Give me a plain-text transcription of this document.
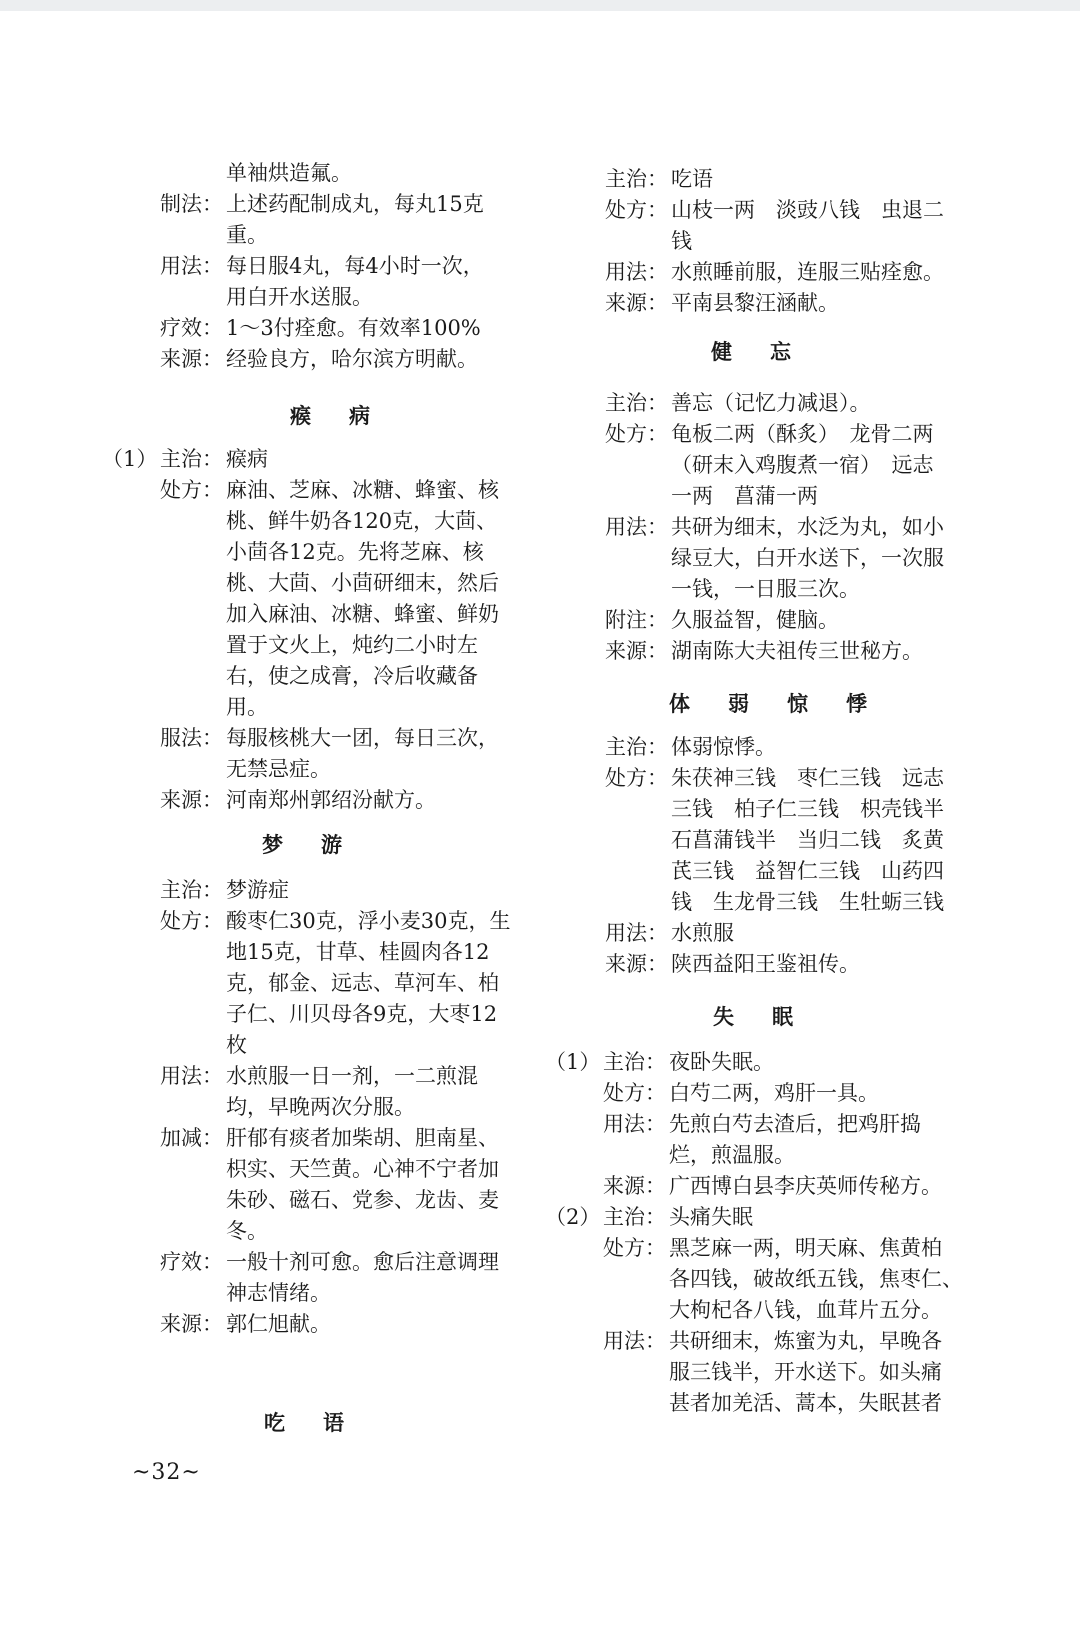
单袖烘造氟。
制法： 上述药配制成丸，每丸15克
重。
用法： 每日服4丸，每4小时一次，
用白开水送服。
疗效： 1～3付痊愈。有效率100%
来源： 经验良方，哈尔滨方明献。
瘊病
（1） 主治： 瘊病
处方： 麻油、芝麻、冰糖、蜂蜜、核
桃、鲜牛奶各120克，大茴、
小茴各12克。先将芝麻、核
桃、大茴、小茴研细末，然后
加入麻油、冰糖、蜂蜜、鲜奶
置于文火上，炖约二小时左
右，使之成膏，冷后收藏备
用。
服法： 每服核桃大一团，每日三次，
无禁忌症。
来源： 河南郑州郭绍汾献方。
梦游
主治： 梦游症
处方： 酸枣仁30克，浮小麦30克，生
地15克，甘草、桂圆肉各12
克，郁金、远志、草河车、柏
子仁、川贝母各9克，大枣12
枚
用法： 水煎服一日一剂，一二煎混
均，早晚两次分服。
加减： 肝郁有痰者加柴胡、胆南星、
枳实、天竺黄。心神不宁者加
朱砂、磁石、党参、龙齿、麦
冬。
疗效： 一般十剂可愈。愈后注意调理
神志情绪。
来源： 郭仁旭献。
吃语
主治： 吃语
处方： 山枝一两　淡豉八钱　虫退二
钱
用法： 水煎睡前服，连服三贴痊愈。
来源： 平南县黎汪涵献。
健忘
主治： 善忘（记忆力减退）。
处方： 龟板二两（酥炙）　龙骨二两
（研末入鸡腹煮一宿）　远志
一两　菖蒲一两
用法： 共研为细末，水泛为丸，如小
绿豆大，白开水送下，一次服
一钱，一日服三次。
附注： 久服益智，健脑。
来源： 湖南陈大夫祖传三世秘方。
体弱惊悸
主治： 体弱惊悸。
处方： 朱茯神三钱　枣仁三钱　远志
三钱　柏子仁三钱　枳壳钱半
石菖蒲钱半　当归二钱　炙黄
芪三钱　益智仁三钱　山药四
钱　生龙骨三钱　生牡蛎三钱
用法： 水煎服
来源： 陕西益阳王鉴祖传。
失眠
（1） 主治： 夜卧失眠。
处方： 白芍二两，鸡肝一具。
用法： 先煎白芍去渣后，把鸡肝捣
烂，煎温服。
来源： 广西博白县李庆英师传秘方。
（2） 主治： 头痛失眠
处方： 黑芝麻一两，明天麻、焦黄柏
各四钱，破故纸五钱，焦枣仁、
大枸杞各八钱，血茸片五分。
用法： 共研细末，炼蜜为丸，早晚各
服三钱半，开水送下。如头痛
甚者加羌活、蒿本，失眠甚者
~32~
